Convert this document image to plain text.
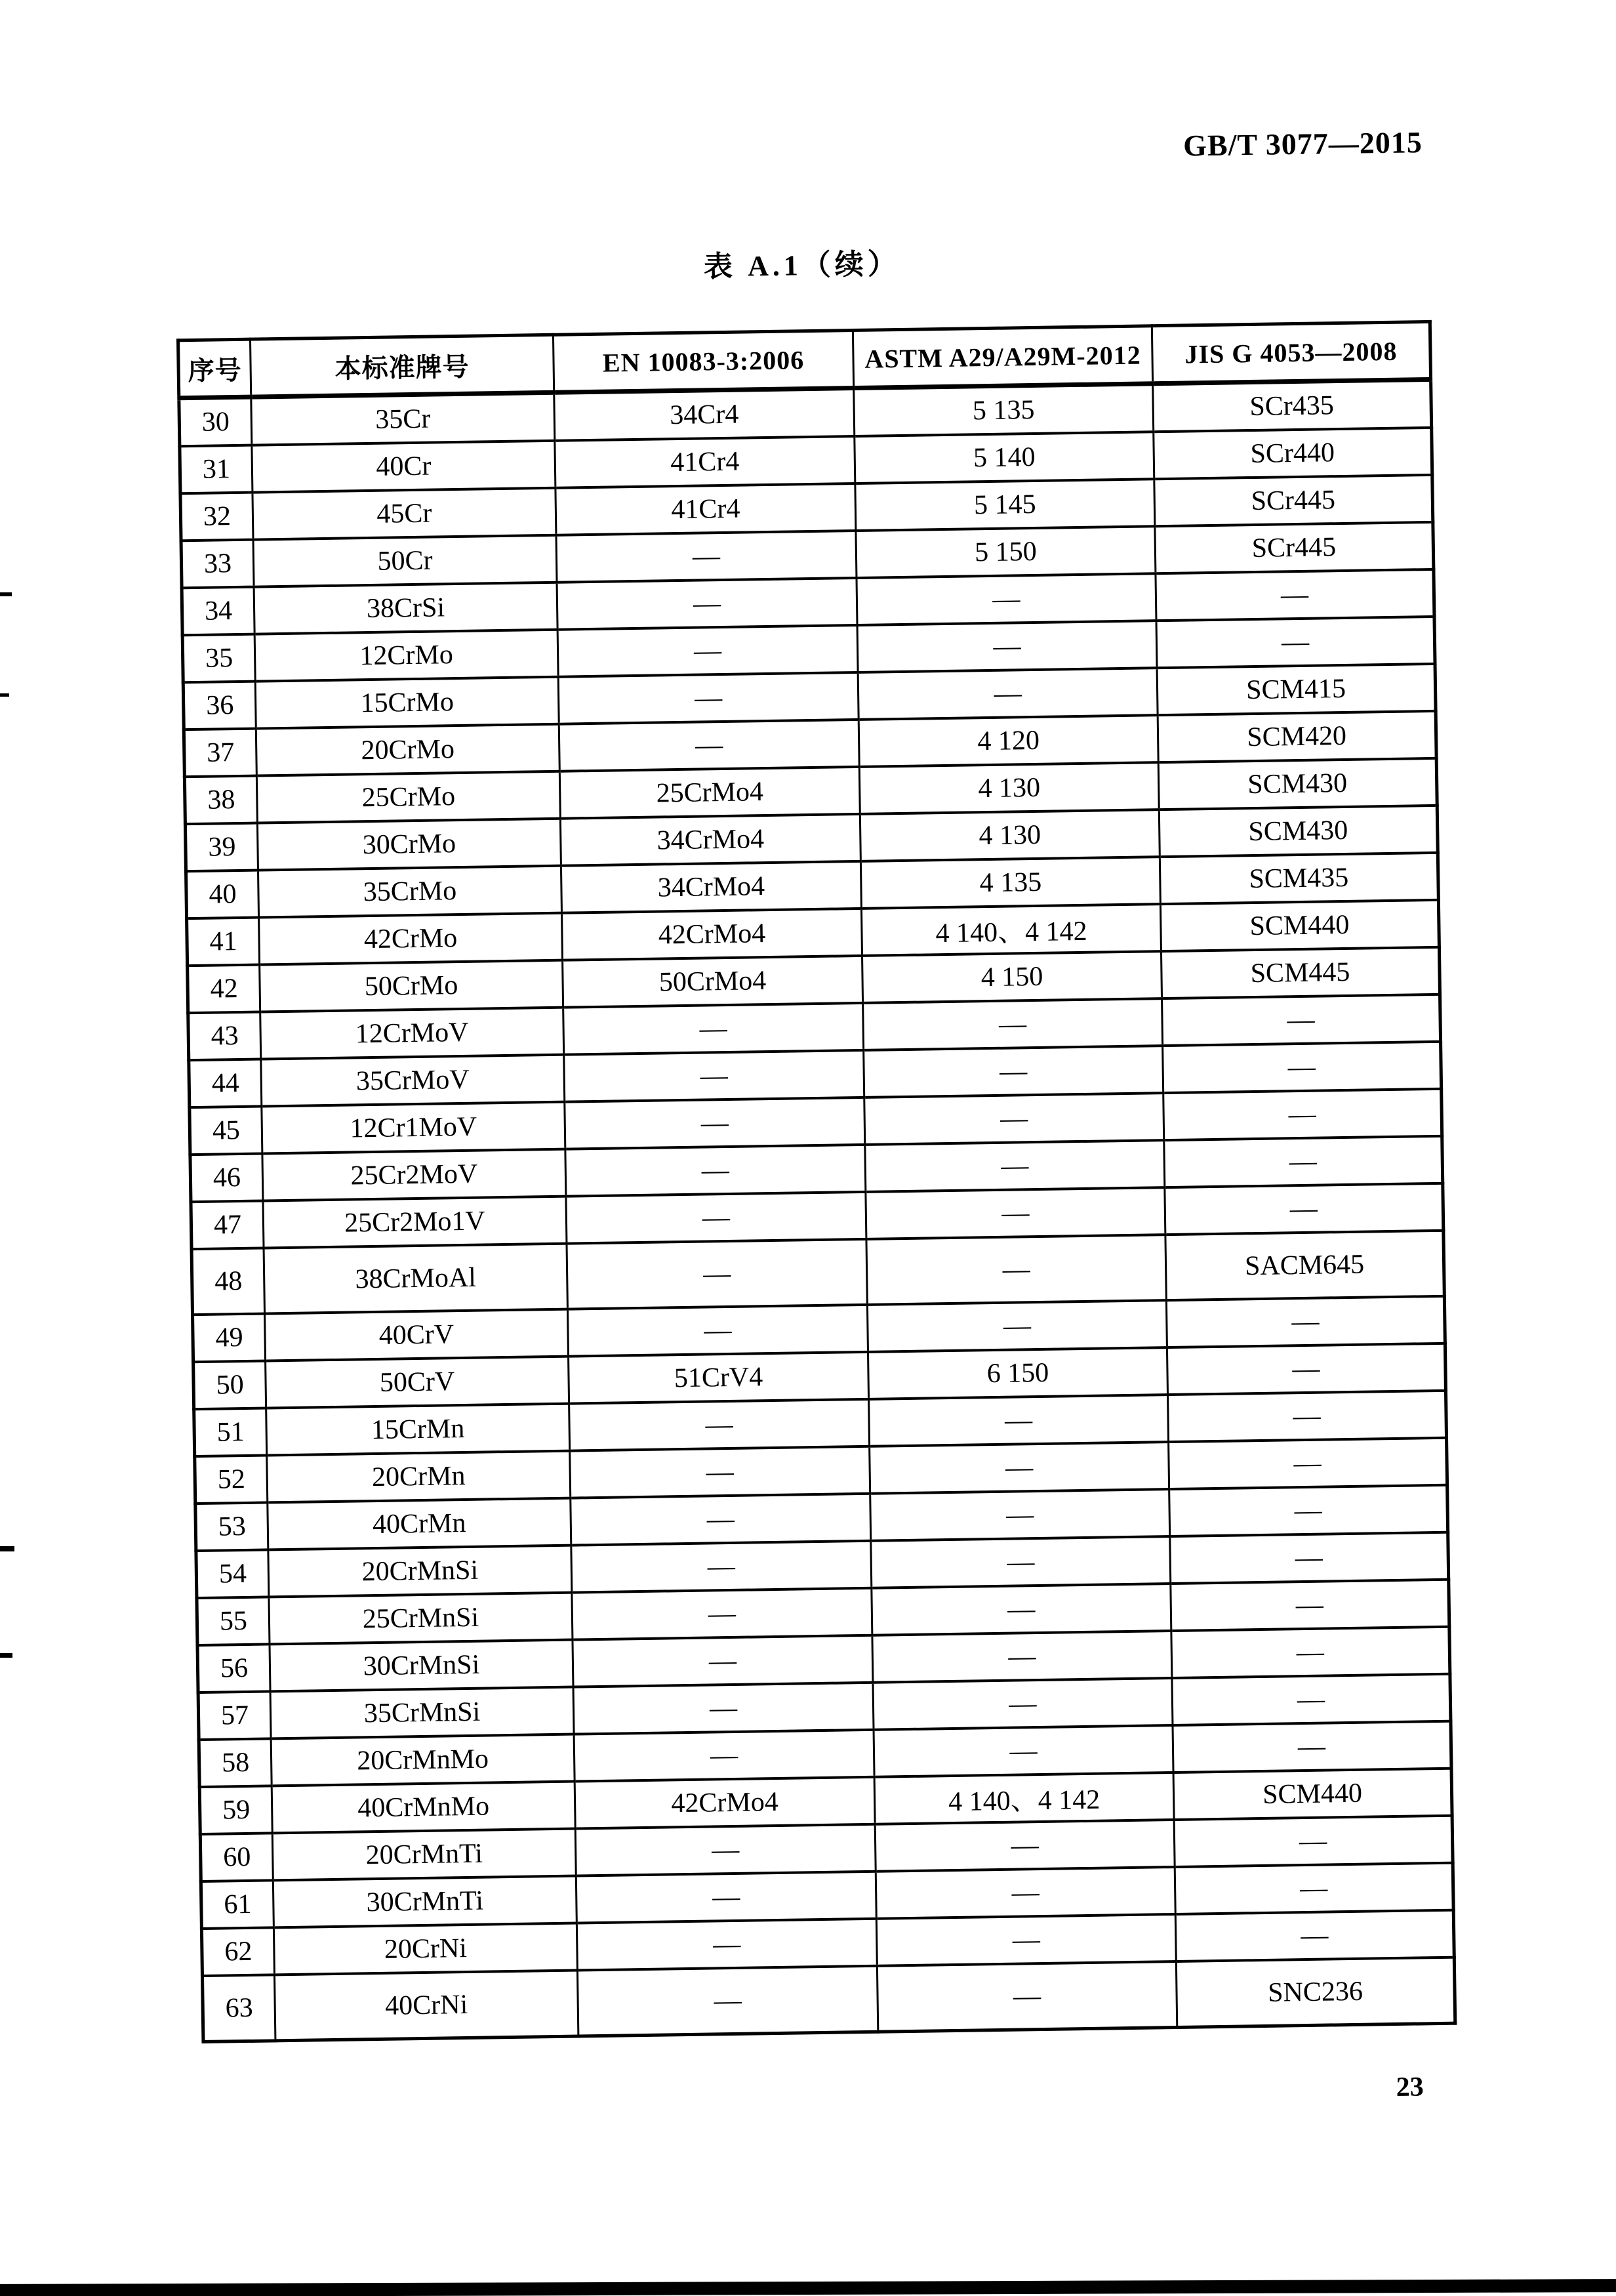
GB/T 3077—2015
表 A.1（续）
序号	本标准牌号	EN 10083-3:2006	ASTM A29/A29M-2012	JIS G 4053—2008
30	35Cr	34Cr4	5 135	SCr435
31	40Cr	41Cr4	5 140	SCr440
32	45Cr	41Cr4	5 145	SCr445
33	50Cr	—	5 150	SCr445
34	38CrSi	—	—	—
35	12CrMo	—	—	—
36	15CrMo	—	—	SCM415
37	20CrMo	—	4 120	SCM420
38	25CrMo	25CrMo4	4 130	SCM430
39	30CrMo	34CrMo4	4 130	SCM430
40	35CrMo	34CrMo4	4 135	SCM435
41	42CrMo	42CrMo4	4 140、4 142	SCM440
42	50CrMo	50CrMo4	4 150	SCM445
43	12CrMoV	—	—	—
44	35CrMoV	—	—	—
45	12Cr1MoV	—	—	—
46	25Cr2MoV	—	—	—
47	25Cr2Mo1V	—	—	—
48	38CrMoAl	—	—	SACM645
49	40CrV	—	—	—
50	50CrV	51CrV4	6 150	—
51	15CrMn	—	—	—
52	20CrMn	—	—	—
53	40CrMn	—	—	—
54	20CrMnSi	—	—	—
55	25CrMnSi	—	—	—
56	30CrMnSi	—	—	—
57	35CrMnSi	—	—	—
58	20CrMnMo	—	—	—
59	40CrMnMo	42CrMo4	4 140、4 142	SCM440
60	20CrMnTi	—	—	—
61	30CrMnTi	—	—	—
62	20CrNi	—	—	—
63	40CrNi	—	—	SNC236
23
